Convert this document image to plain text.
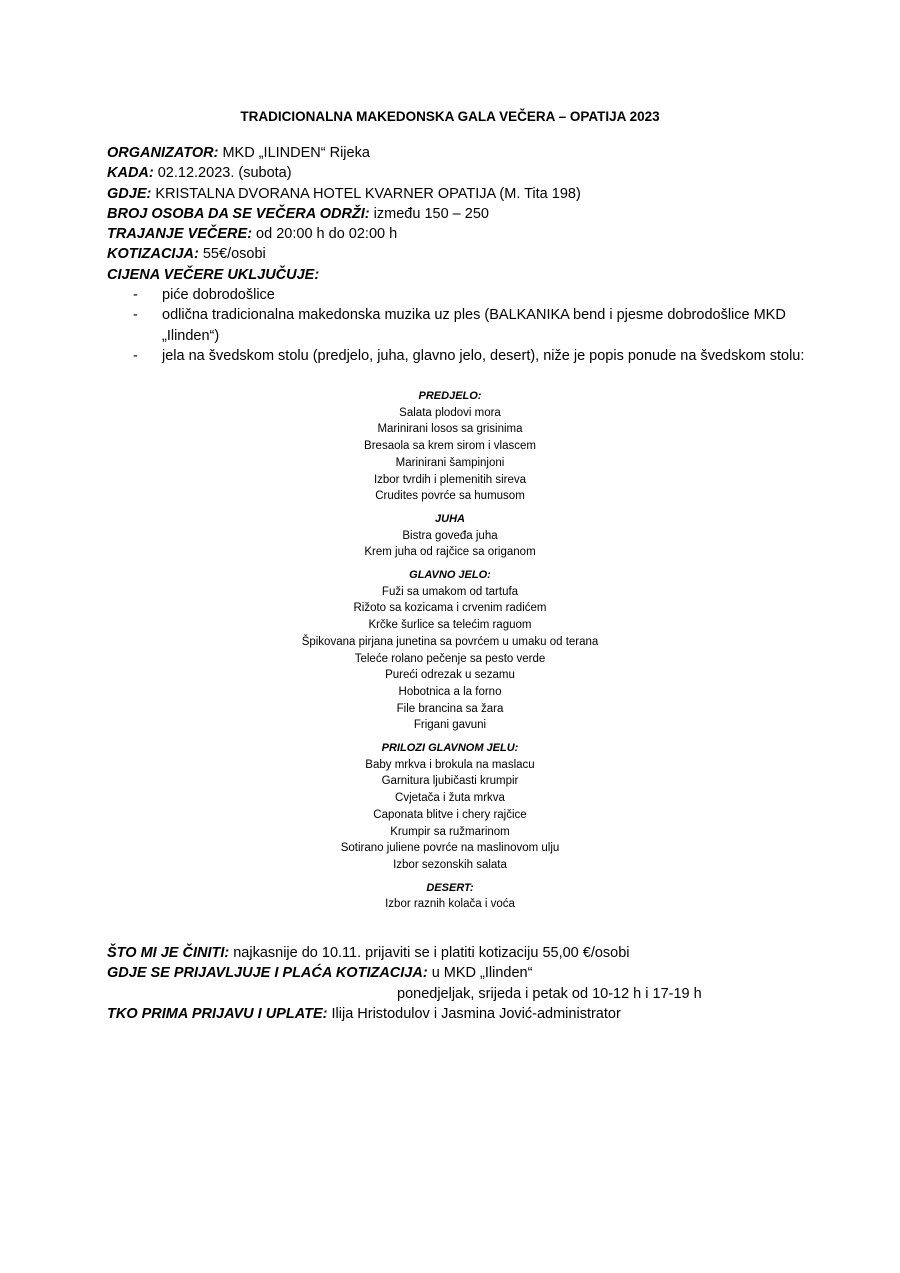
TRADICIONALNA MAKEDONSKA GALA VEČERA – OPATIJA 2023
ORGANIZATOR: MKD „ILINDEN“ Rijeka
KADA: 02.12.2023. (subota)
GDJE: KRISTALNA DVORANA HOTEL KVARNER OPATIJA (M. Tita 198)
BROJ OSOBA DA SE VEČERA ODRŽI: između 150 – 250
TRAJANJE VEČERE: od 20:00 h do 02:00 h
KOTIZACIJA: 55€/osobi
CIJENA VEČERE UKLJUČUJE:
- piće dobrodošlice
- odlična tradicionalna makedonska muzika uz ples (BALKANIKA bend i pjesme dobrodošlice MKD „Ilinden“)
- jela na švedskom stolu (predjelo, juha, glavno jelo, desert), niže je popis ponude na švedskom stolu:
PREDJELO:
Salata plodovi mora
Marinirani losos sa grisinima
Bresaola sa krem sirom i vlascem
Marinirani šampinjoni
Izbor tvrdih i plemenitih sireva
Crudites povrće sa humusom
JUHA
Bistra goveđa juha
Krem juha od rajčice sa origanom
GLAVNO JELO:
Fuži sa umakom od tartufa
Rižoto sa kozicama i crvenim radićem
Krčke šurlice sa telećim raguom
Špikovana pirjana junetina sa povrćem u umaku od terana
Teleće rolano pečenje sa pesto verde
Pureći odrezak u sezamu
Hobotnica a la forno
File brancina sa žara
Frigani gavuni
PRILOZI GLAVNOM JELU:
Baby mrkva i brokula na maslacu
Garnitura ljubičasti krumpir
Cvjetača i žuta mrkva
Caponata blitve i chery rajčice
Krumpir sa ružmarinom
Sotirano juliene povrće na maslinovom ulju
Izbor sezonskih salata
DESERT:
Izbor raznih kolača i voća
ŠTO MI JE ČINITI: najkasnije do 10.11. prijaviti se i platiti kotizaciju 55,00 €/osobi
GDJE SE PRIJAVLJUJE I PLAĆA KOTIZACIJA: u MKD „Ilinden“
ponedjeljak, srijeda i petak od 10-12 h i 17-19 h
TKO PRIMA PRIJAVU I UPLATE: Ilija Hristodulov i Jasmina Jović-administrator
